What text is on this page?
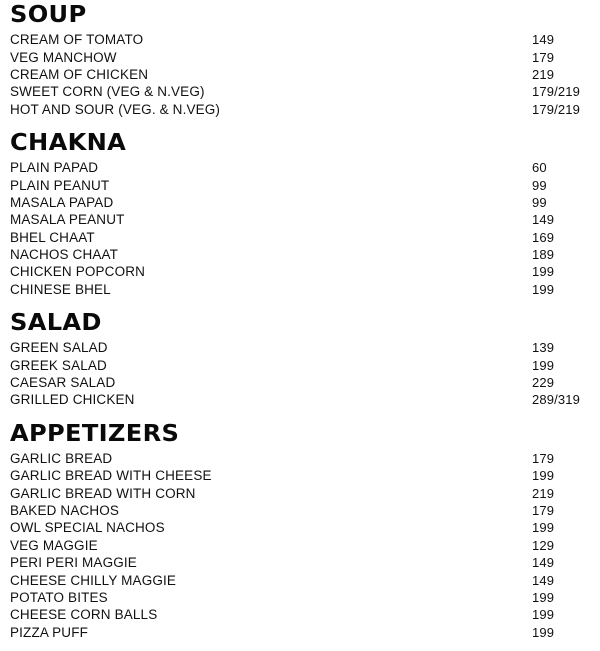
SOUP
CREAM OF TOMATO	149
VEG MANCHOW	179
CREAM OF CHICKEN	219
SWEET CORN (VEG & N.VEG)	179/219
HOT AND SOUR (VEG. & N.VEG)	179/219
CHAKNA
PLAIN PAPAD	60
PLAIN PEANUT	99
MASALA PAPAD	99
MASALA PEANUT	149
BHEL CHAAT	169
NACHOS CHAAT	189
CHICKEN POPCORN	199
CHINESE BHEL	199
SALAD
GREEN SALAD	139
GREEK SALAD	199
CAESAR SALAD	229
GRILLED CHICKEN	289/319
APPETIZERS
GARLIC BREAD	179
GARLIC BREAD WITH CHEESE	199
GARLIC BREAD WITH CORN	219
BAKED NACHOS	179
OWL SPECIAL NACHOS	199
VEG MAGGIE	129
PERI PERI MAGGIE	149
CHEESE CHILLY MAGGIE	149
POTATO BITES	199
CHEESE CORN BALLS	199
PIZZA PUFF	199
